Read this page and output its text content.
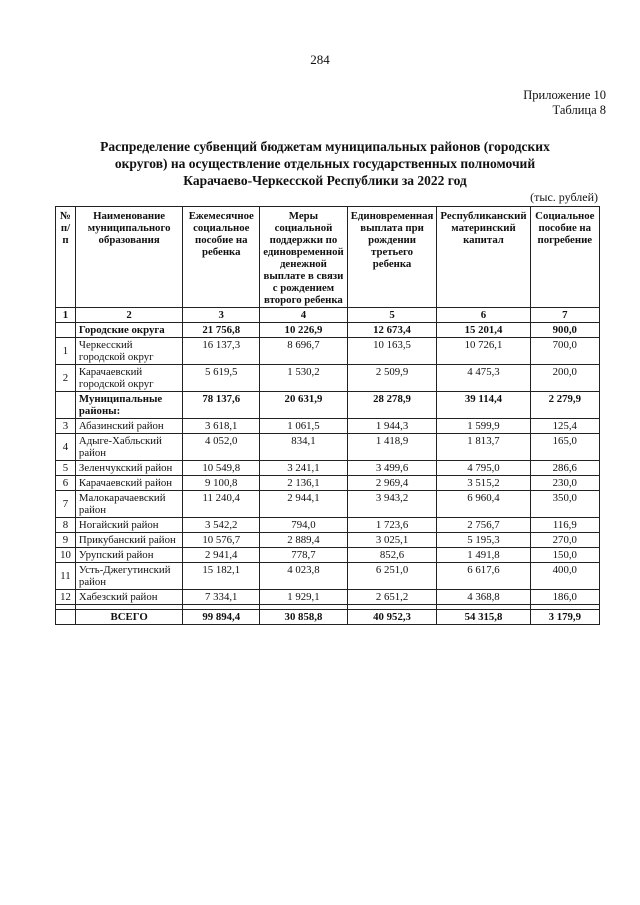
284
Приложение 10
Таблица 8
Распределение субвенций бюджетам муниципальных районов (городских
округов) на осуществление отдельных государственных полномочий
Карачаево-Черкесской Республики за 2022 год
(тыс. рублей)
№ п/п	Наименование муниципального образования	Ежемесячное социальное пособие на ребенка	Меры социальной поддержки по единовременной денежной выплате в связи с рождением второго ребенка	Единовременная выплата при рождении третьего ребенка	Республиканский материнский капитал	Социальное пособие на погребение
1	2	3	4	5	6	7
	Городские округа	21 756,8	10 226,9	12 673,4	15 201,4	900,0
1	Черкесский городской округ	16 137,3	8 696,7	10 163,5	10 726,1	700,0
2	Карачаевский городской округ	5 619,5	1 530,2	2 509,9	4 475,3	200,0
	Муниципальные районы:	78 137,6	20 631,9	28 278,9	39 114,4	2 279,9
3	Абазинский район	3 618,1	1 061,5	1 944,3	1 599,9	125,4
4	Адыге-Хабльский район	4 052,0	834,1	1 418,9	1 813,7	165,0
5	Зеленчукский район	10 549,8	3 241,1	3 499,6	4 795,0	286,6
6	Карачаевский район	9 100,8	2 136,1	2 969,4	3 515,2	230,0
7	Малокарачаевский район	11 240,4	2 944,1	3 943,2	6 960,4	350,0
8	Ногайский район	3 542,2	794,0	1 723,6	2 756,7	116,9
9	Прикубанский район	10 576,7	2 889,4	3 025,1	5 195,3	270,0
10	Урупский район	2 941,4	778,7	852,6	1 491,8	150,0
11	Усть-Джегутинский район	15 182,1	4 023,8	6 251,0	6 617,6	400,0
12	Хабезский район	7 334,1	1 929,1	2 651,2	4 368,8	186,0

	ВСЕГО	99 894,4	30 858,8	40 952,3	54 315,8	3 179,9
